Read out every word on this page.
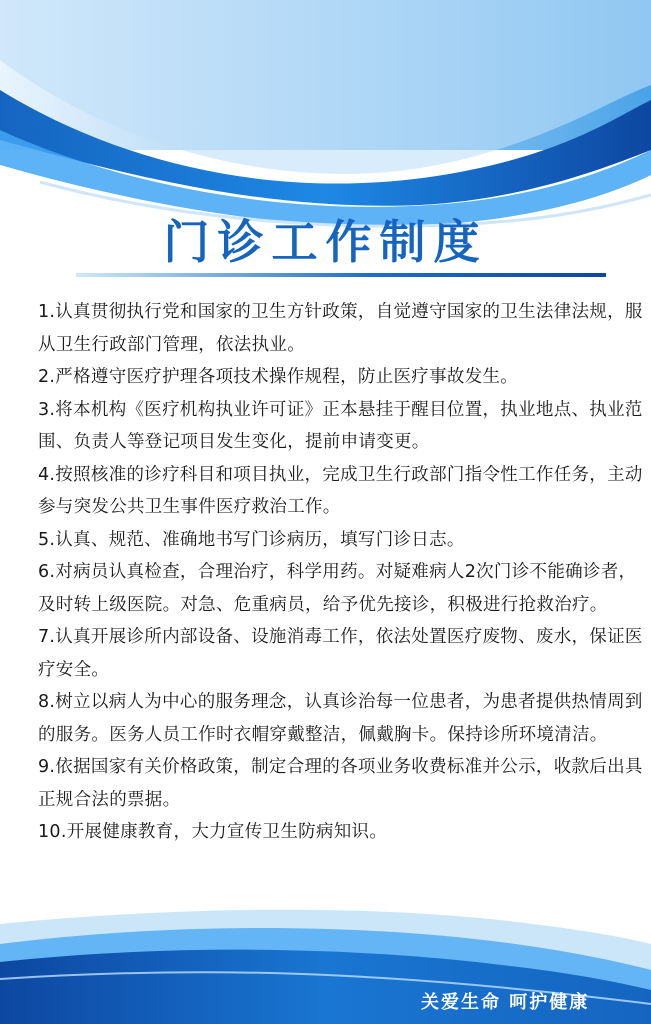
门诊工作制度
1.认真贯彻执行党和国家的卫生方针政策，自觉遵守国家的卫生法律法规，服从卫生行政部门管理，依法执业。
2.严格遵守医疗护理各项技术操作规程，防止医疗事故发生。
3.将本机构《医疗机构执业许可证》正本悬挂于醒目位置，执业地点、执业范围、负责人等登记项目发生变化，提前申请变更。
4.按照核准的诊疗科目和项目执业，完成卫生行政部门指令性工作任务，主动参与突发公共卫生事件医疗救治工作。
5.认真、规范、准确地书写门诊病历，填写门诊日志。
6.对病员认真检查，合理治疗，科学用药。对疑难病人2次门诊不能确诊者，及时转上级医院。对急、危重病员，给予优先接诊，积极进行抢救治疗。
7.认真开展诊所内部设备、设施消毒工作，依法处置医疗废物、废水，保证医疗安全。
8.树立以病人为中心的服务理念，认真诊治每一位患者，为患者提供热情周到的服务。医务人员工作时衣帽穿戴整洁，佩戴胸卡。保持诊所环境清洁。
9.依据国家有关价格政策，制定合理的各项业务收费标准并公示，收款后出具正规合法的票据。
10.开展健康教育，大力宣传卫生防病知识。
关爱生命 呵护健康
